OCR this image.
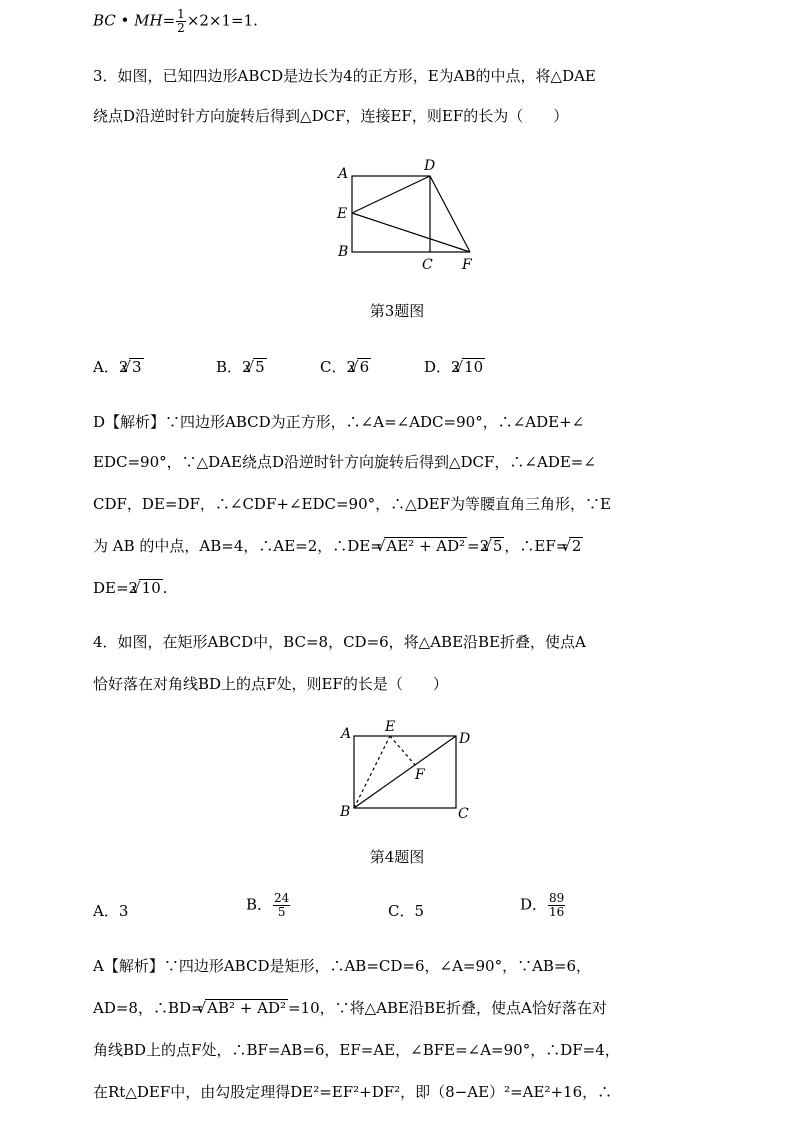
BC • $MH= \frac{1}{2} \times 2\times 1=1$.
3．如图，已知四边形ABCD是边长为4的正方形，E为AB的中点，将△DAE
绕点D沿逆时针方向旋转后得到△DCF，连接EF，则EF的长为（　　）
A	D
E
B
C F
第3题图
A．2 √ 3	B．2 √ 5	C．2 √ 6	D．2 √ 10
D【解析】∵四边形ABCD为正方形，∴∠A=∠ADC=90°，∴∠ADE+∠
EDC=90°，∵△DAE绕点D沿逆时针方向旋转后得到△DCF，∴∠ADE=∠
CDF，DE=DF，∴∠CDF+∠EDC=90°，∴△DEF为等腰直角三角形，∵E
为 AB 的中点，AB=4，∴AE=2，∴DE= √ AE² + AD² =2 √ 5 ，∴EF= √ 2
DE=2 √ 10 .
4．如图，在矩形ABCD中，BC=8，CD=6，将△ABE沿BE折叠，使点A
恰好落在对角线BD上的点F处，则EF的长是（　　）
A E
D
F
B	C
第4题图
A．3	B． $\frac{24}{5}$	C．5	D． $\frac{89}{16}$
A【解析】∵四边形ABCD是矩形，∴AB=CD=6，∠A=90°，∵AB=6，
AD=8，∴BD= √ AB² + AD² =10，∵将△ABE沿BE折叠，使点A恰好落在对
角线BD上的点F处，∴BF=AB=6，EF=AE，∠BFE=∠A=90°，∴DF=4，
在Rt△DEF中，由勾股定理得DE²=EF²+DF²，即（8−AE）²=AE²+16，∴
